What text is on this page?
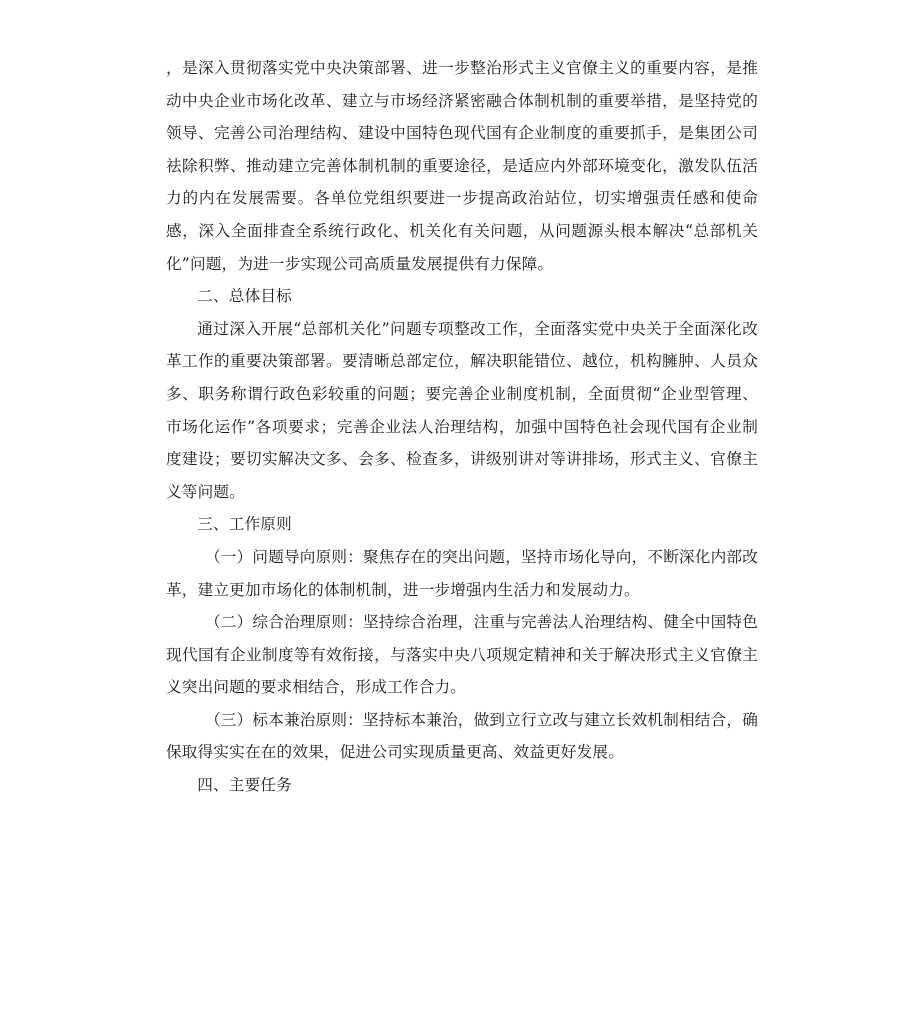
，是深入贯彻落实党中央决策部署、进一步整治形式主义官僚主义的重要内容，是推动中央企业市场化改革、建立与市场经济紧密融合体制机制的重要举措，是坚持党的领导、完善公司治理结构、建设中国特色现代国有企业制度的重要抓手，是集团公司祛除积弊、推动建立完善体制机制的重要途径，是适应内外部环境变化，激发队伍活力的内在发展需要。各单位党组织要进一步提高政治站位，切实增强责任感和使命感，深入全面排查全系统行政化、机关化有关问题，从问题源头根本解决“总部机关化”问题，为进一步实现公司高质量发展提供有力保障。

二、总体目标

通过深入开展“总部机关化”问题专项整改工作，全面落实党中央关于全面深化改革工作的重要决策部署。要清晰总部定位，解决职能错位、越位，机构臃肿、人员众多、职务称谓行政色彩较重的问题；要完善企业制度机制，全面贯彻“企业型管理、市场化运作”各项要求；完善企业法人治理结构，加强中国特色社会现代国有企业制度建设；要切实解决文多、会多、检查多，讲级别讲对等讲排场，形式主义、官僚主义等问题。

三、工作原则

（一）问题导向原则：聚焦存在的突出问题，坚持市场化导向，不断深化内部改革，建立更加市场化的体制机制，进一步增强内生活力和发展动力。

（二）综合治理原则：坚持综合治理，注重与完善法人治理结构、健全中国特色现代国有企业制度等有效衔接，与落实中央八项规定精神和关于解决形式主义官僚主义突出问题的要求相结合，形成工作合力。

（三）标本兼治原则：坚持标本兼治，做到立行立改与建立长效机制相结合，确保取得实实在在的效果，促进公司实现质量更高、效益更好发展。

四、主要任务
